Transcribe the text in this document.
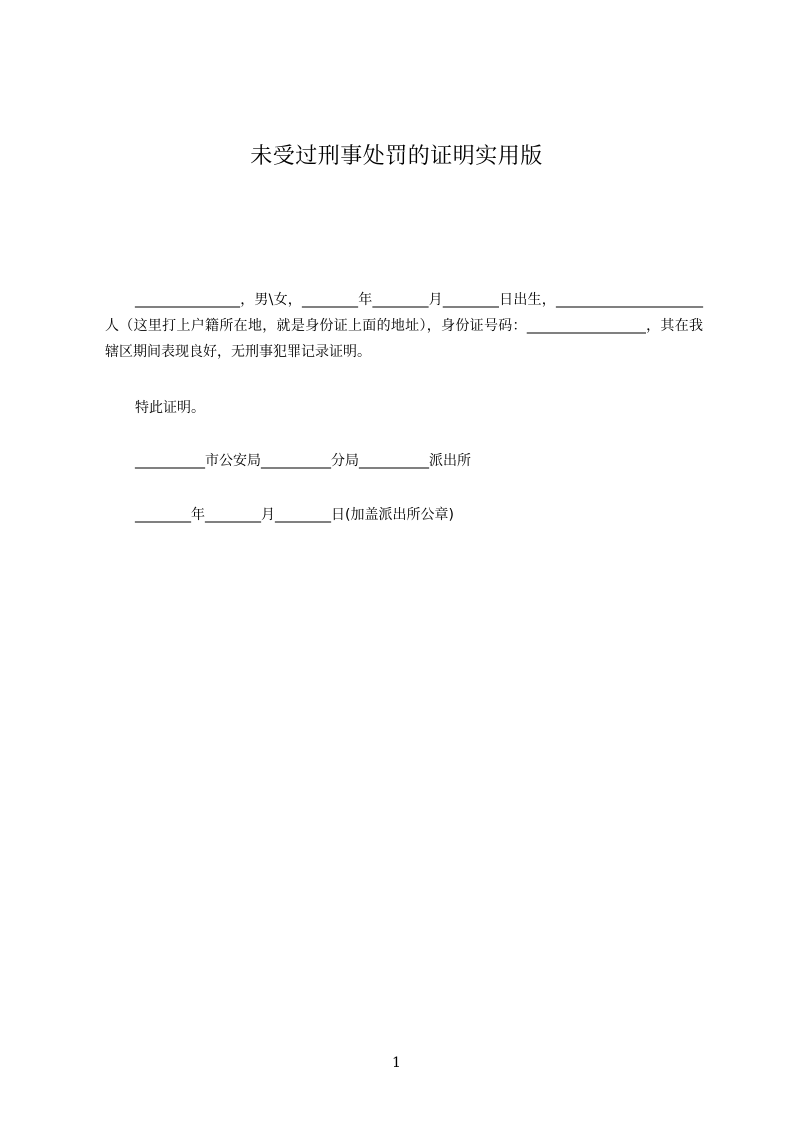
未受过刑事处罚的证明实用版

_______________，男\女，________年________月________日出生，_____________________人（这里打上户籍所在地，就是身份证上面的地址），身份证号码：_________________，其在我辖区期间表现良好，无刑事犯罪记录证明。

特此证明。

__________市公安局__________分局__________派出所

________年________月________日(加盖派出所公章)

1
